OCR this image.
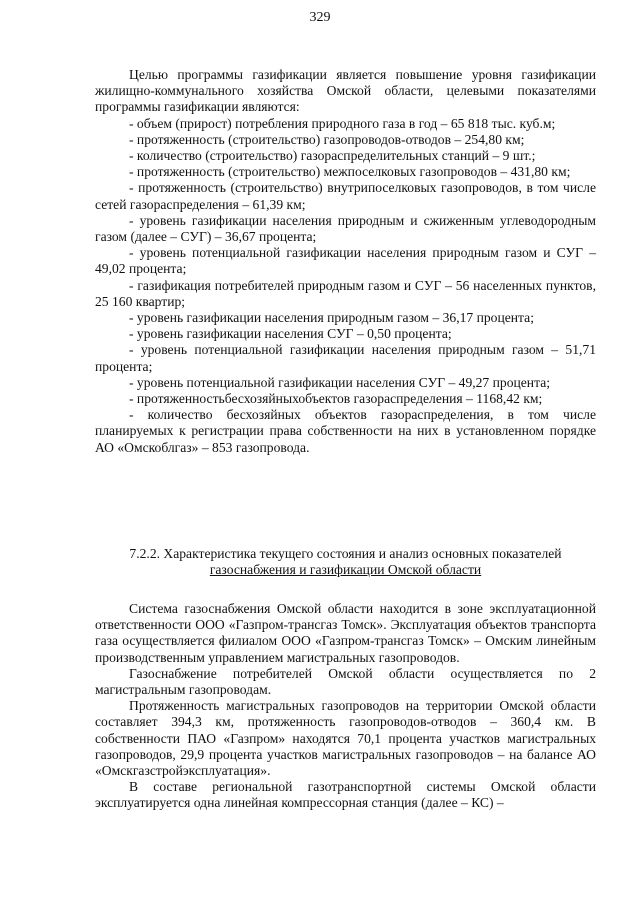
329

Целью программы газификации является повышение уровня газификации жилищно-коммунального хозяйства Омской области, целевыми показателями программы газификации являются:

- объем (прирост) потребления природного газа в год – 65 818 тыс. куб.м;

- протяженность (строительство) газопроводов-отводов – 254,80 км;

- количество (строительство) газораспределительных станций – 9 шт.;

- протяженность (строительство) межпоселковых газопроводов – 431,80 км;

- протяженность (строительство) внутрипоселковых газопроводов, в том числе сетей газораспределения – 61,39 км;

- уровень газификации населения природным и сжиженным углеводородным газом (далее – СУГ) – 36,67 процента;

- уровень потенциальной газификации населения природным газом и СУГ – 49,02 процента;

- газификация потребителей природным газом и СУГ – 56 населенных пунктов, 25 160 квартир;

- уровень газификации населения природным газом – 36,17 процента;

- уровень газификации населения СУГ – 0,50 процента;

- уровень потенциальной газификации населения природным газом – 51,71 процента;

- уровень потенциальной газификации населения СУГ – 49,27 процента;

- протяженностьбесхозяйныхобъектов газораспределения – 1168,42 км;

- количество бесхозяйных объектов газораспределения, в том числе планируемых к регистрации права собственности на них в установленном порядке АО «Омскоблгаз» – 853 газопровода.

7.2.2. Характеристика текущего состояния и анализ основных показателей
газоснабжения и газификации Омской области

Система газоснабжения Омской области находится в зоне эксплуатационной ответственности ООО «Газпром-трансгаз Томск». Эксплуатация объектов транспорта газа осуществляется филиалом ООО «Газпром-трансгаз Томск» – Омским линейным производственным управлением магистральных газопроводов.

Газоснабжение потребителей Омской области осуществляется по 2 магистральным газопроводам.

Протяженность магистральных газопроводов на территории Омской области составляет 394,3 км, протяженность газопроводов-отводов – 360,4 км. В собственности ПАО «Газпром» находятся 70,1 процента участков магистральных газопроводов, 29,9 процента участков магистральных газопроводов – на балансе АО «Омскгазстройэксплуатация».

В составе региональной газотранспортной системы Омской области эксплуатируется одна линейная компрессорная станция (далее – КС) –
